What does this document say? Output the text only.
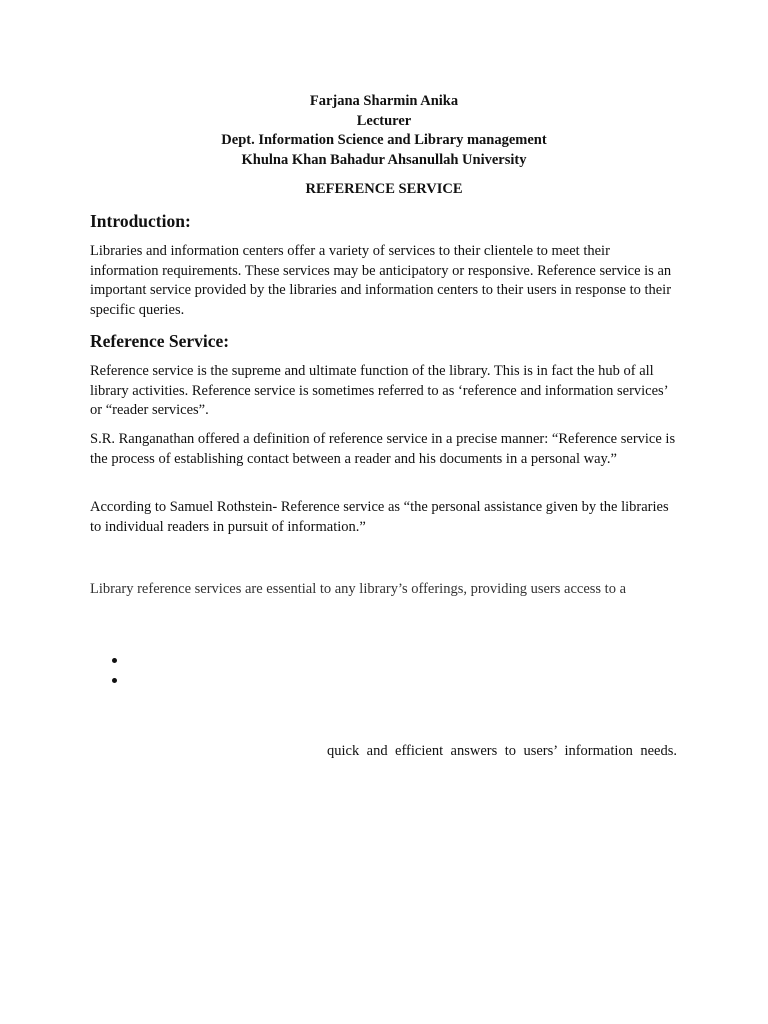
Farjana Sharmin Anika
Lecturer
Dept. Information Science and Library management
Khulna Khan Bahadur Ahsanullah University
REFERENCE SERVICE
Introduction:
Libraries and information centers offer a variety of services to their clientele to meet their information requirements. These services may be anticipatory or responsive. Reference service is an important service provided by the libraries and information centers to their users in response to their specific queries.
Reference Service:
Reference service is the supreme and ultimate function of the library. This is in fact the hub of all library activities. Reference service is sometimes referred to as ‘reference and information services’ or “reader services”.
S.R. Ranganathan offered a definition of reference service in a precise manner: “Reference service is the process of establishing contact between a reader and his documents in a personal way.”
According to Samuel Rothstein- Reference service as “the personal assistance given by the libraries to individual readers in pursuit of information.”
Library reference services are essential to any library’s offerings, providing users access to a
quick and efficient answers to users’ information needs.
